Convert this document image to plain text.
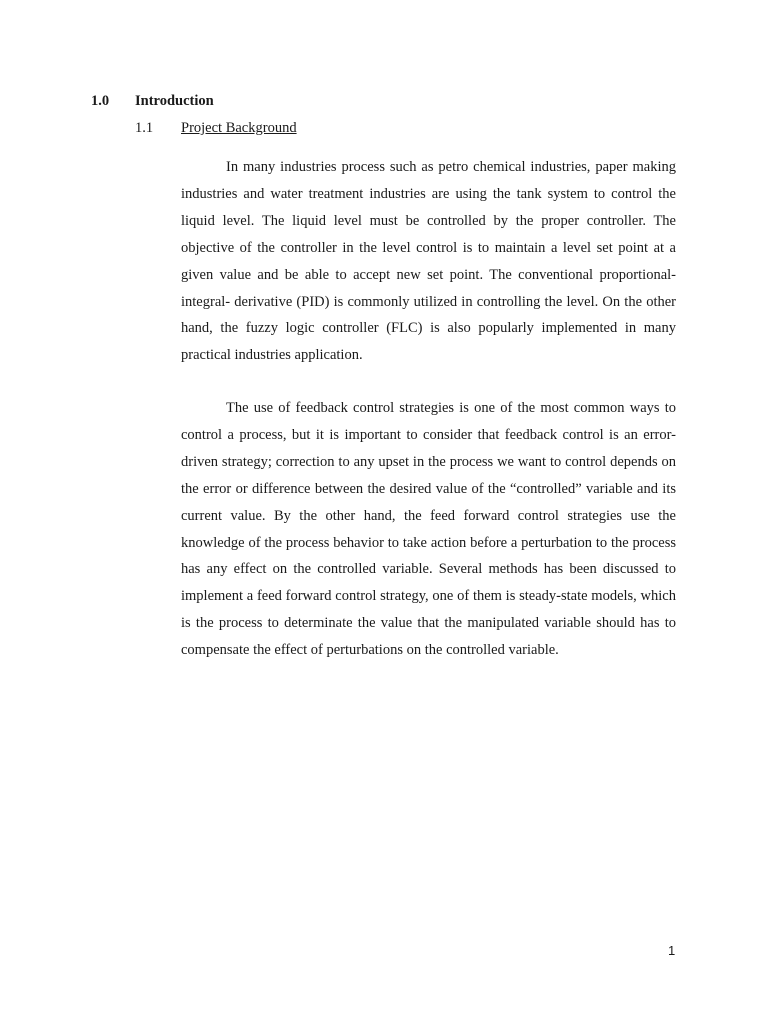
1.0 Introduction
1.1 Project Background

In many industries process such as petro chemical industries, paper making industries and water treatment industries are using the tank system to control the liquid level. The liquid level must be controlled by the proper controller. The objective of the controller in the level control is to maintain a level set point at a given value and be able to accept new set point. The conventional proportional- integral- derivative (PID) is commonly utilized in controlling the level. On the other hand, the fuzzy logic controller (FLC) is also popularly implemented in many practical industries application.

The use of feedback control strategies is one of the most common ways to control a process, but it is important to consider that feedback control is an error-driven strategy; correction to any upset in the process we want to control depends on the error or difference between the desired value of the “controlled” variable and its current value. By the other hand, the feed forward control strategies use the knowledge of the process behavior to take action before a perturbation to the process has any effect on the controlled variable. Several methods has been discussed to implement a feed forward control strategy, one of them is steady-state models, which is the process to determinate the value that the manipulated variable should has to compensate the effect of perturbations on the controlled variable.

1
